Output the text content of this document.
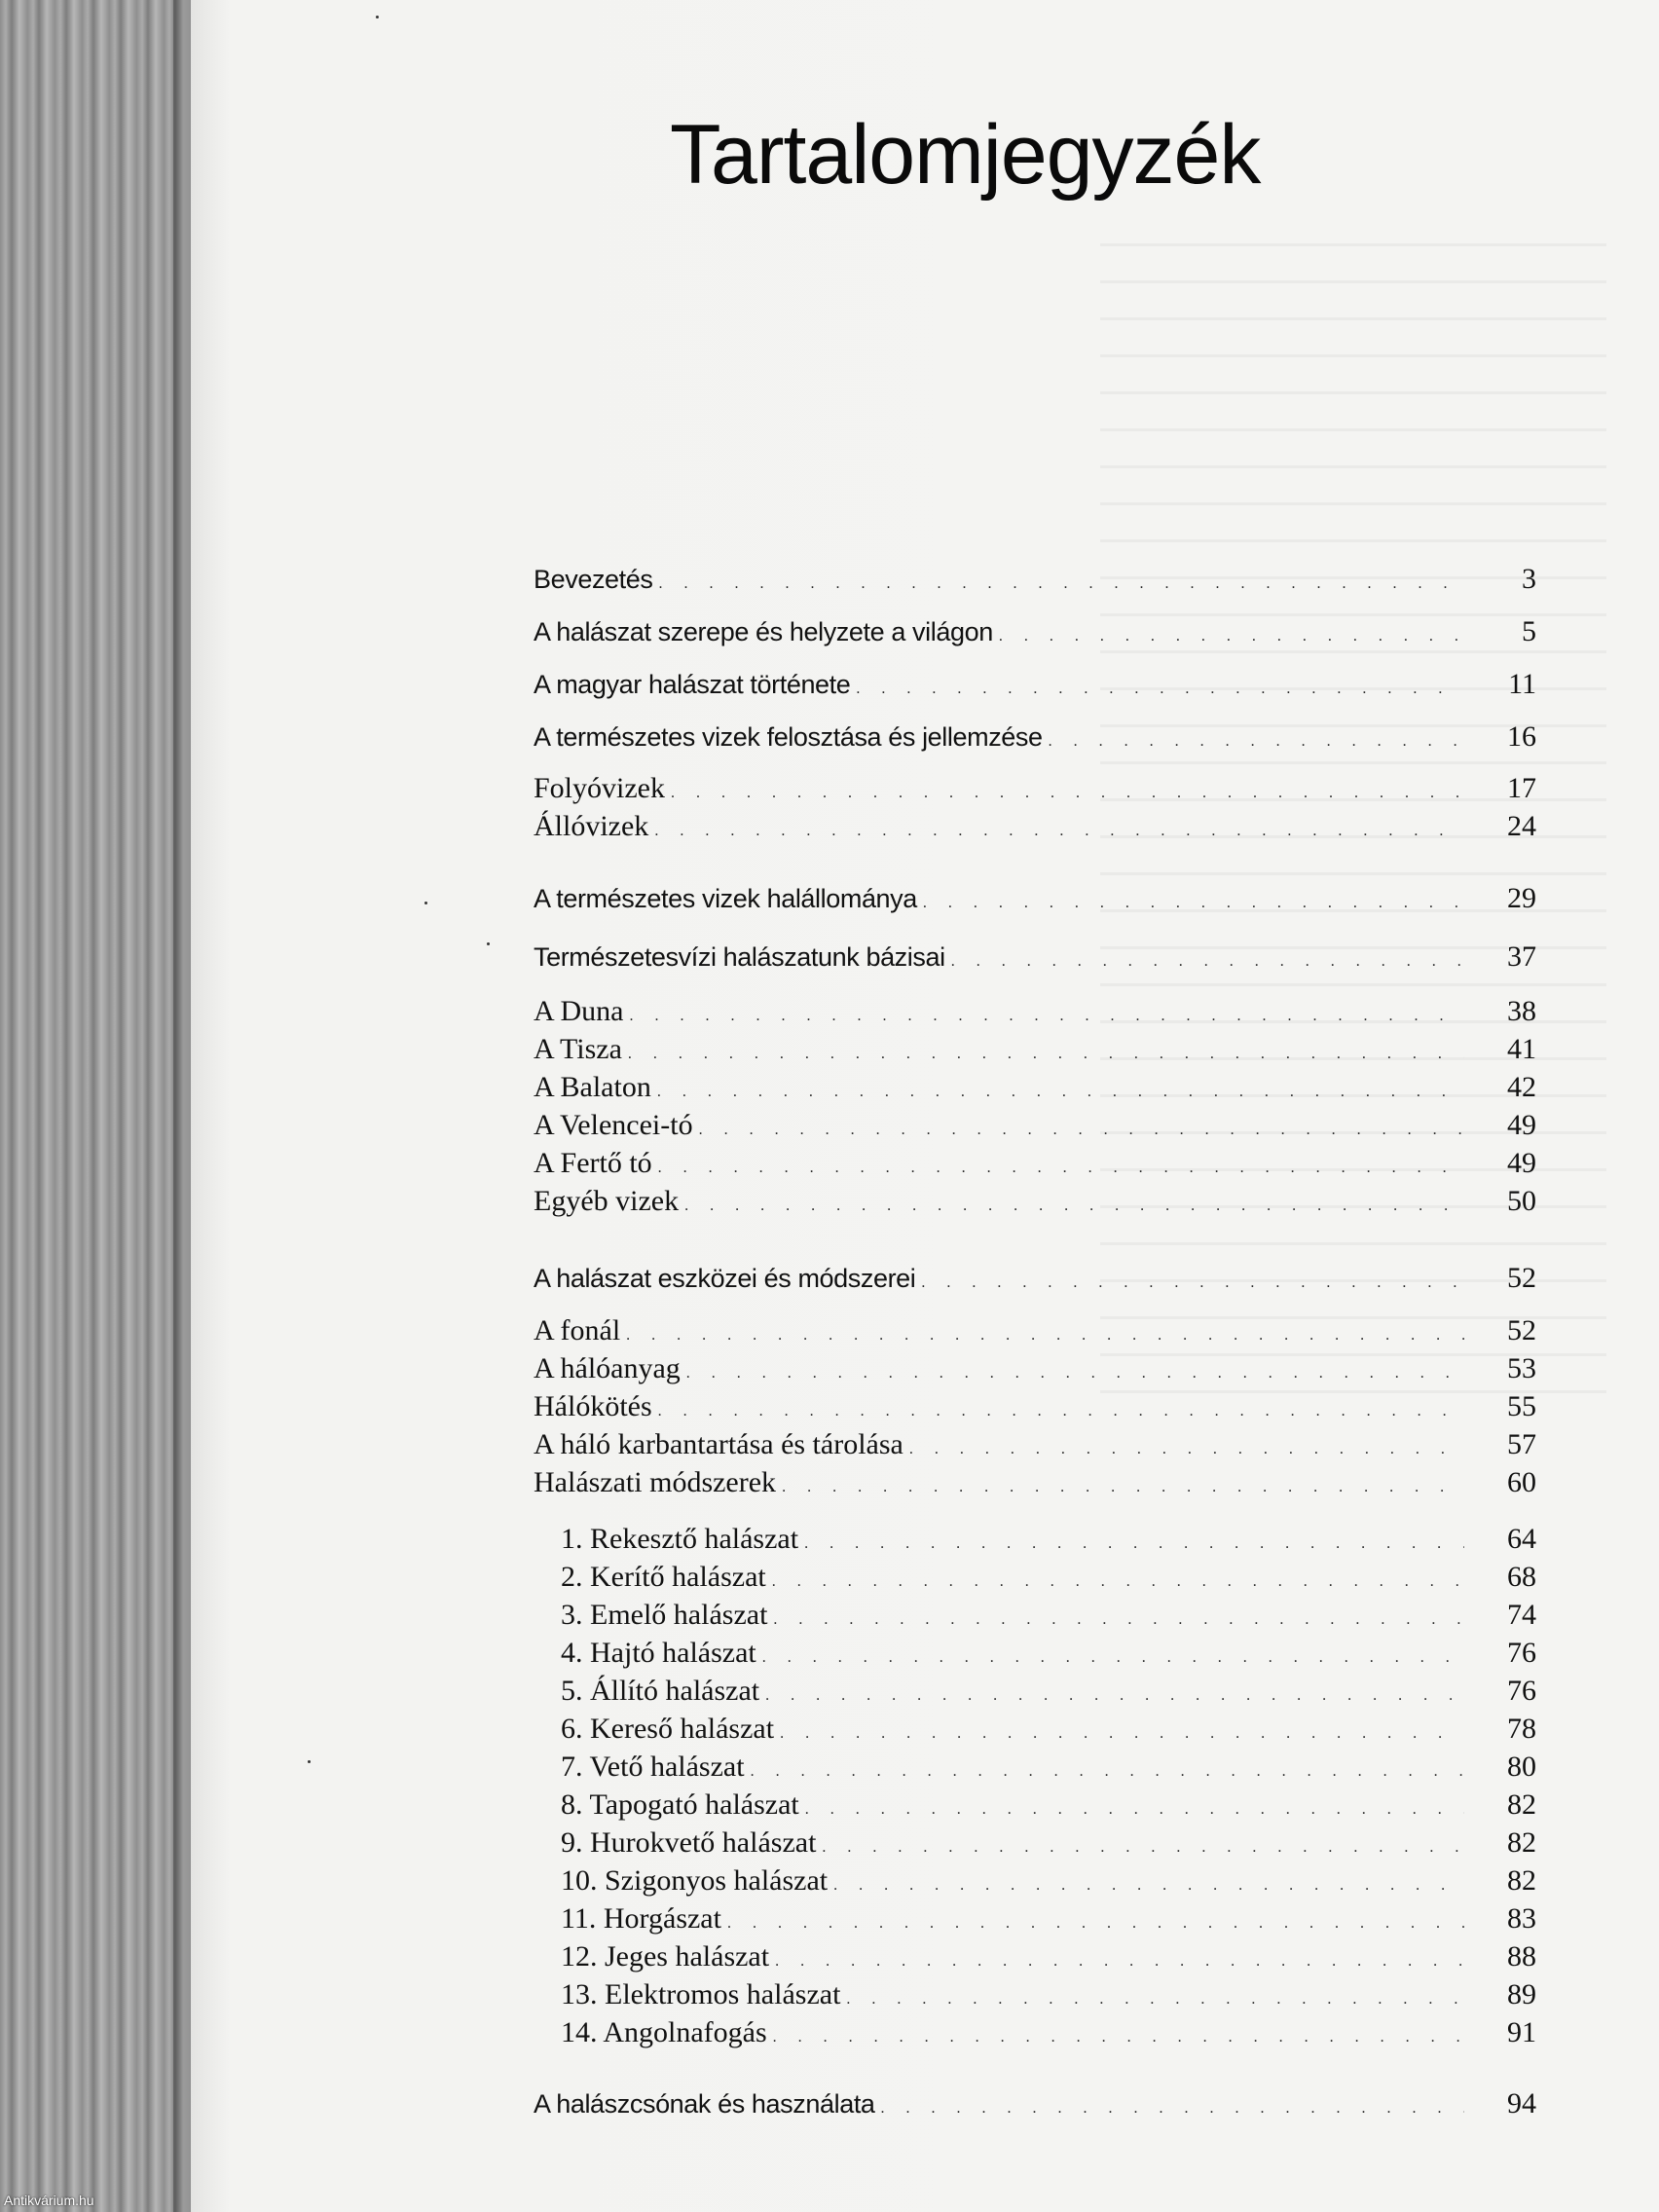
Tartalomjegyzék
Bevezetés . . .	3
A halászat szerepe és helyzete a világon . . .	5
A magyar halászat története . . .	11
A természetes vizek felosztása és jellemzése . . .	16
Folyóvizek . . .	17
Állóvizek . . .	24
A természetes vizek halállománya . . .	29
Természetesvízi halászatunk bázisai . . .	37
A Duna . . .	38
A Tisza . . .	41
A Balaton . . .	42
A Velencei-tó . . .	49
A Fertő tó . . .	49
Egyéb vizek . . .	50
A halászat eszközei és módszerei . . .	52
A fonál . . .	52
A hálóanyag . . .	53
Hálókötés . . .	55
A háló karbantartása és tárolása . . .	57
Halászati módszerek . . .	60
1. Rekesztő halászat . . .	64
2. Kerítő halászat . . .	68
3. Emelő halászat . . .	74
4. Hajtó halászat . . .	76
5. Állító halászat . . .	76
6. Kereső halászat . . .	78
7. Vető halászat . . .	80
8. Tapogató halászat . . .	82
9. Hurokvető halászat . . .	82
10. Szigonyos halászat . . .	82
11. Horgászat . . .	83
12. Jeges halászat . . .	88
13. Elektromos halászat . . .	89
14. Angolnafogás . . .	91
A halászcsónak és használata . . .	94
Antikvárium.hu
